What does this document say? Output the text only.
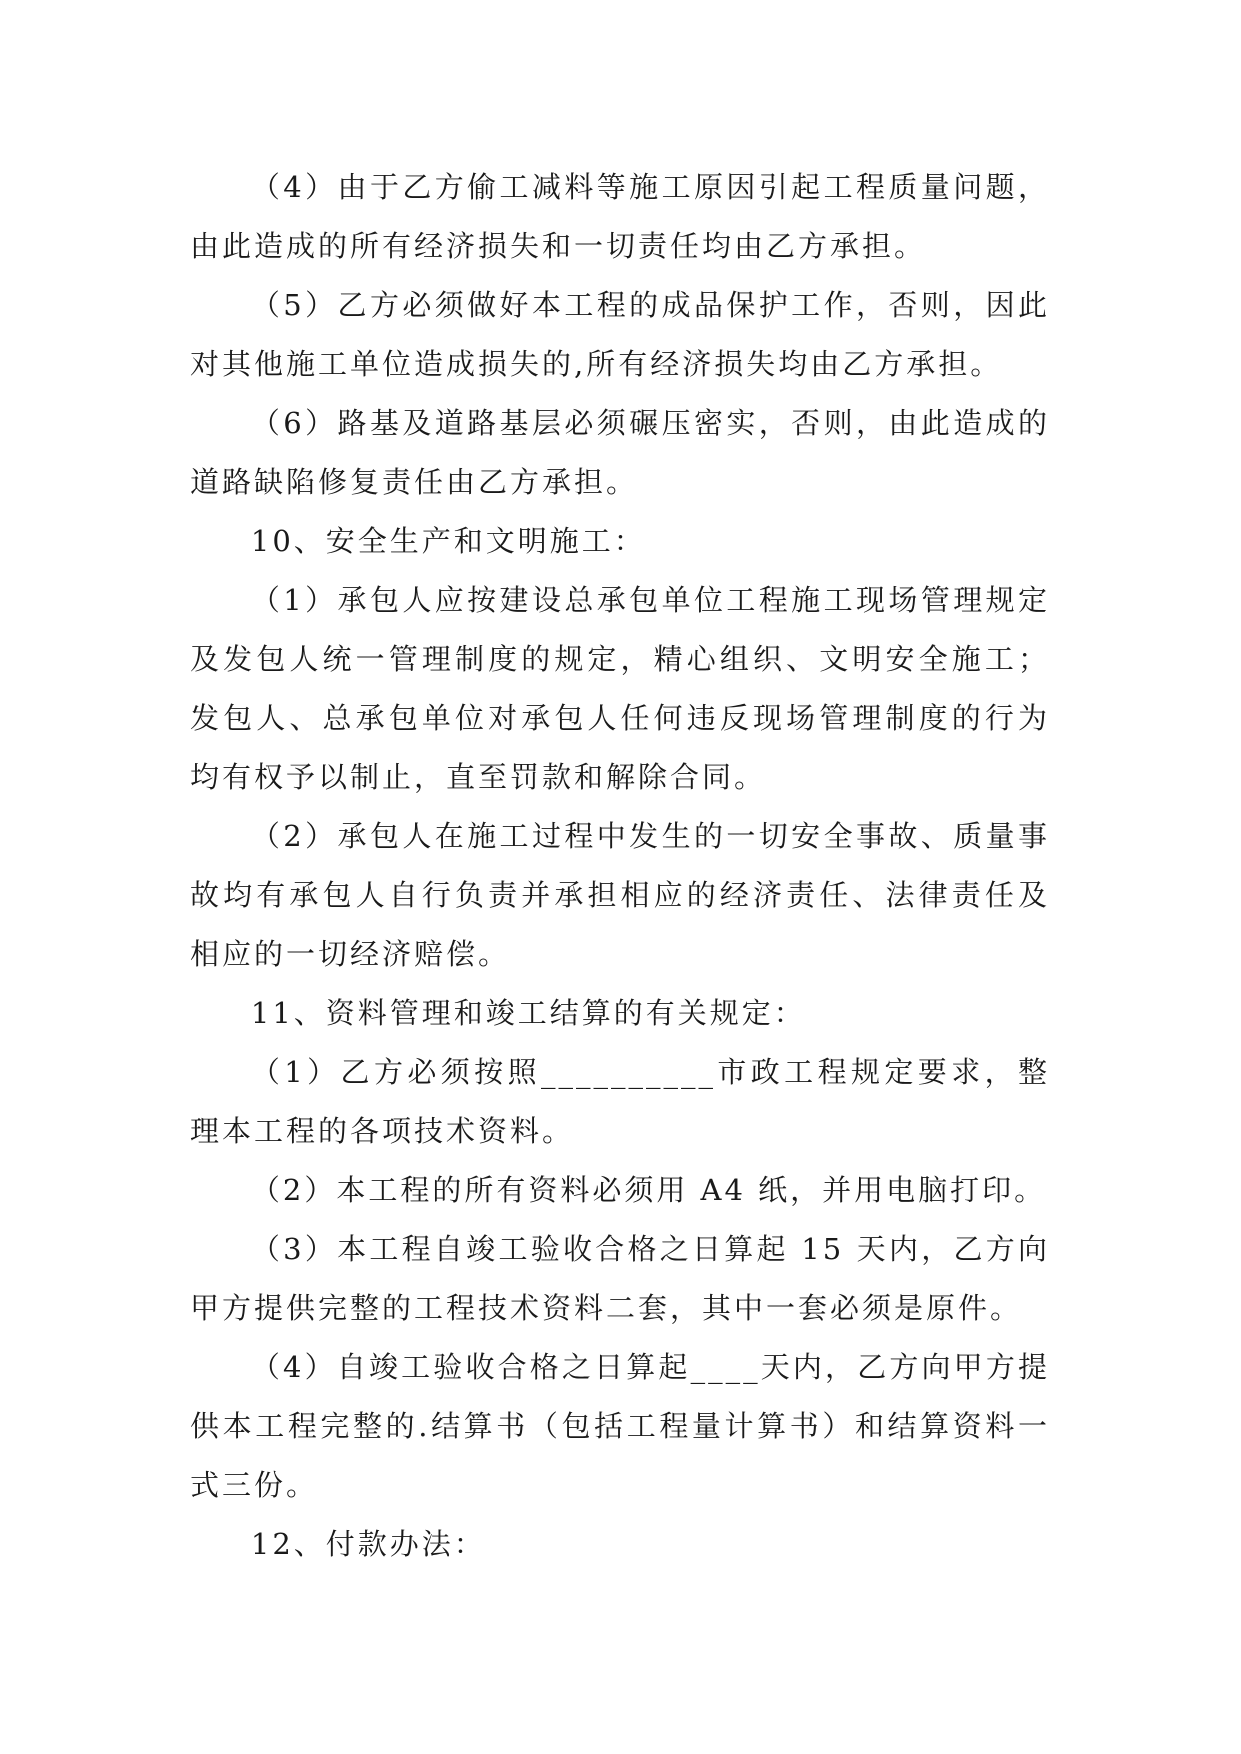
（4）由于乙方偷工减料等施工原因引起工程质量问题，由此造成的所有经济损失和一切责任均由乙方承担。

（5）乙方必须做好本工程的成品保护工作，否则，因此对其他施工单位造成损失的,所有经济损失均由乙方承担。

（6）路基及道路基层必须碾压密实，否则，由此造成的道路缺陷修复责任由乙方承担。

10、安全生产和文明施工：

（1）承包人应按建设总承包单位工程施工现场管理规定及发包人统一管理制度的规定，精心组织、文明安全施工；发包人、总承包单位对承包人任何违反现场管理制度的行为均有权予以制止，直至罚款和解除合同。

（2）承包人在施工过程中发生的一切安全事故、质量事故均有承包人自行负责并承担相应的经济责任、法律责任及相应的一切经济赔偿。

11、资料管理和竣工结算的有关规定：

（1）乙方必须按照__________市政工程规定要求，整理本工程的各项技术资料。

（2）本工程的所有资料必须用 A4 纸，并用电脑打印。

（3）本工程自竣工验收合格之日算起 15 天内，乙方向甲方提供完整的工程技术资料二套，其中一套必须是原件。

（4）自竣工验收合格之日算起____天内，乙方向甲方提供本工程完整的.结算书（包括工程量计算书）和结算资料一式三份。

12、付款办法：
